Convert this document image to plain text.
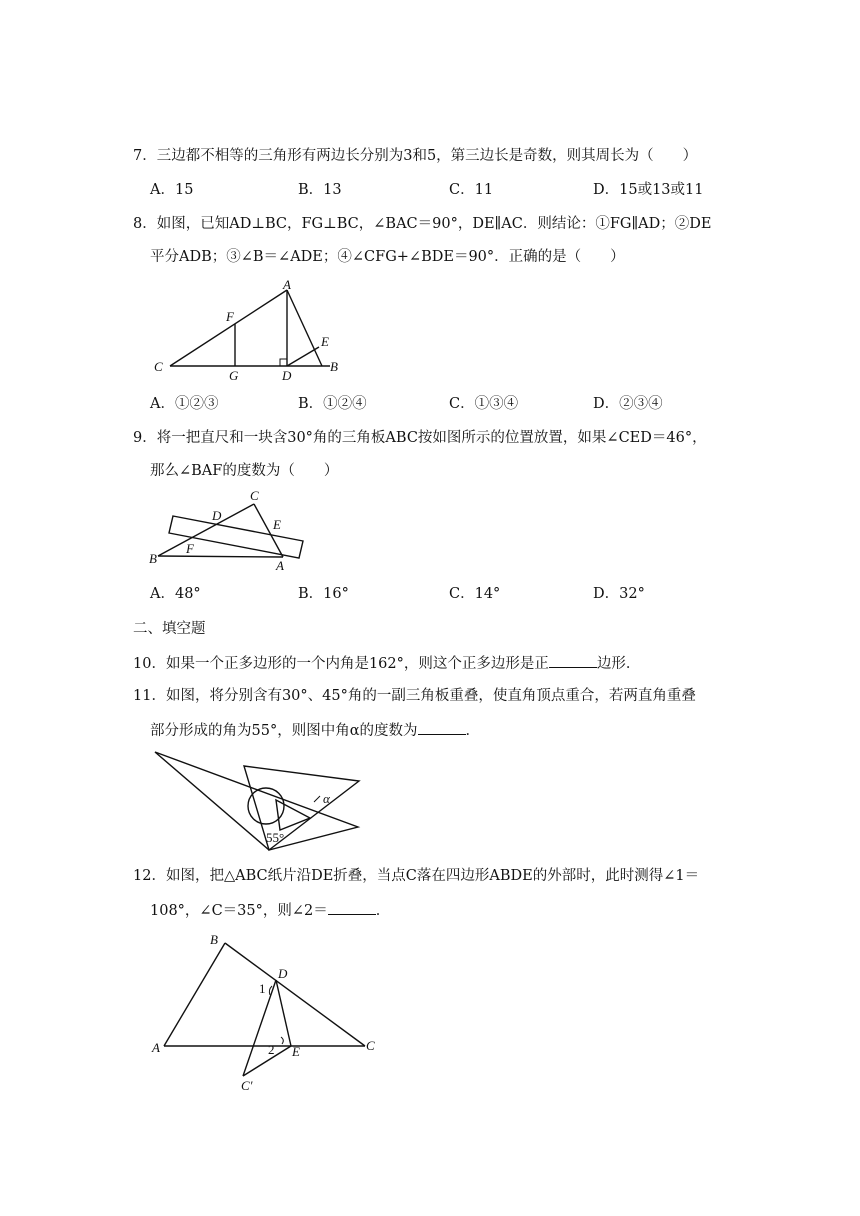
7．三边都不相等的三角形有两边长分别为3和5，第三边长是奇数，则其周长为（　　）
A．15	B．13	C．11	D．15或13或11
8．如图，已知AD⊥BC，FG⊥BC，∠BAC＝90°，DE∥AC．则结论：①FG∥AD；②DE
平分ADB；③∠B＝∠ADE；④∠CFG+∠BDE＝90°．正确的是（　　）
A
F
E
C
G	D
B
A．①②③	B．①②④	C．①③④	D．②③④
9．将一把直尺和一块含30°角的三角板ABC按如图所示的位置放置，如果∠CED＝46°，
那么∠BAF的度数为（　　）
D
C
E
F
B	A
A．48°	B．16°	C．14°	D．32°
二、填空题
10．如果一个正多边形的一个内角是162°，则这个正多边形是正	边形．
11．如图，将分别含有30°、45°角的一副三角板重叠，使直角顶点重合，若两直角重叠
部分形成的角为55°，则图中角α的度数为	．
α
55°
12．如图，把△ABC纸片沿DE折叠，当点C落在四边形ABDE的外部时，此时测得∠1＝
108°，∠C＝35°，则∠2＝	．
B
D
1
A	2 E	C
C′
